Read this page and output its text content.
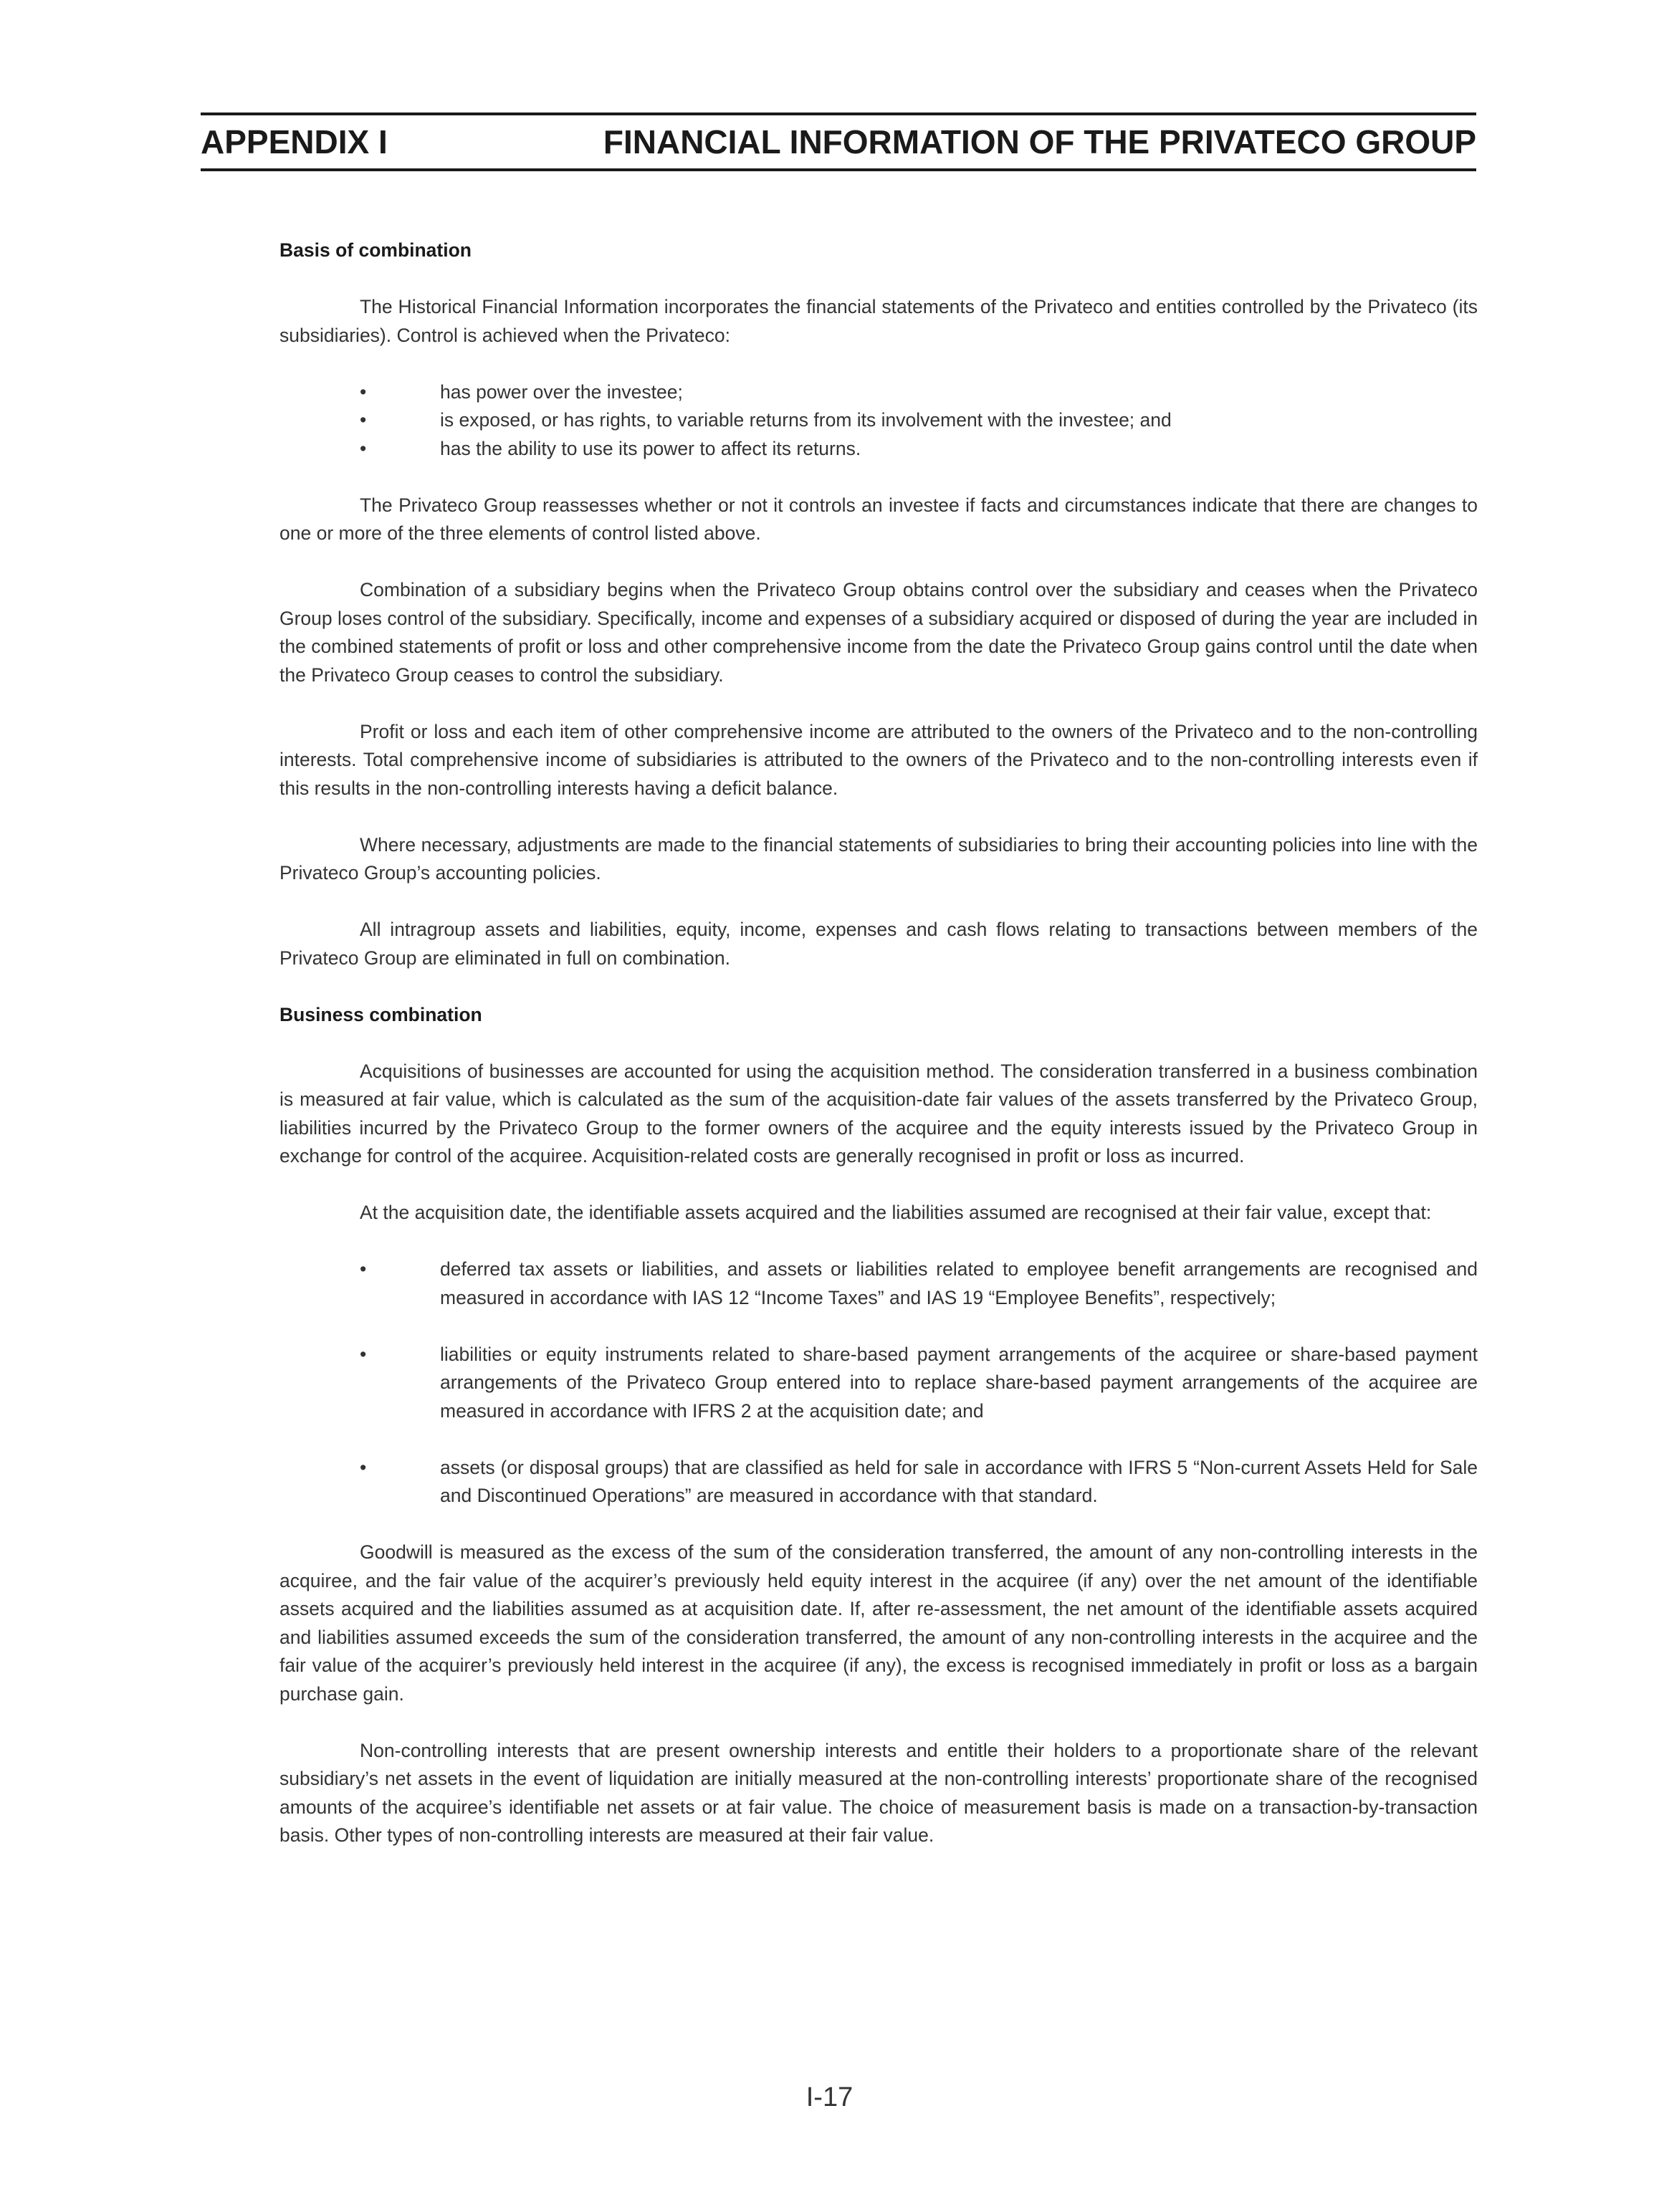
APPENDIX I	FINANCIAL INFORMATION OF THE PRIVATECO GROUP
Basis of combination

The Historical Financial Information incorporates the financial statements of the Privateco and entities controlled by the Privateco (its subsidiaries). Control is achieved when the Privateco:

•	has power over the investee;
•	is exposed, or has rights, to variable returns from its involvement with the investee; and
•	has the ability to use its power to affect its returns.

The Privateco Group reassesses whether or not it controls an investee if facts and circumstances indicate that there are changes to one or more of the three elements of control listed above.

Combination of a subsidiary begins when the Privateco Group obtains control over the subsidiary and ceases when the Privateco Group loses control of the subsidiary. Specifically, income and expenses of a subsidiary acquired or disposed of during the year are included in the combined statements of profit or loss and other comprehensive income from the date the Privateco Group gains control until the date when the Privateco Group ceases to control the subsidiary.

Profit or loss and each item of other comprehensive income are attributed to the owners of the Privateco and to the non-controlling interests. Total comprehensive income of subsidiaries is attributed to the owners of the Privateco and to the non-controlling interests even if this results in the non-controlling interests having a deficit balance.

Where necessary, adjustments are made to the financial statements of subsidiaries to bring their accounting policies into line with the Privateco Group’s accounting policies.

All intragroup assets and liabilities, equity, income, expenses and cash flows relating to transactions between members of the Privateco Group are eliminated in full on combination.

Business combination

Acquisitions of businesses are accounted for using the acquisition method. The consideration transferred in a business combination is measured at fair value, which is calculated as the sum of the acquisition-date fair values of the assets transferred by the Privateco Group, liabilities incurred by the Privateco Group to the former owners of the acquiree and the equity interests issued by the Privateco Group in exchange for control of the acquiree. Acquisition-related costs are generally recognised in profit or loss as incurred.

At the acquisition date, the identifiable assets acquired and the liabilities assumed are recognised at their fair value, except that:

•	deferred tax assets or liabilities, and assets or liabilities related to employee benefit arrangements are recognised and measured in accordance with IAS 12 “Income Taxes” and IAS 19 “Employee Benefits”, respectively;
•	liabilities or equity instruments related to share-based payment arrangements of the acquiree or share-based payment arrangements of the Privateco Group entered into to replace share-based payment arrangements of the acquiree are measured in accordance with IFRS 2 at the acquisition date; and
•	assets (or disposal groups) that are classified as held for sale in accordance with IFRS 5 “Non-current Assets Held for Sale and Discontinued Operations” are measured in accordance with that standard.

Goodwill is measured as the excess of the sum of the consideration transferred, the amount of any non-controlling interests in the acquiree, and the fair value of the acquirer’s previously held equity interest in the acquiree (if any) over the net amount of the identifiable assets acquired and the liabilities assumed as at acquisition date. If, after re-assessment, the net amount of the identifiable assets acquired and liabilities assumed exceeds the sum of the consideration transferred, the amount of any non-controlling interests in the acquiree and the fair value of the acquirer’s previously held interest in the acquiree (if any), the excess is recognised immediately in profit or loss as a bargain purchase gain.

Non-controlling interests that are present ownership interests and entitle their holders to a proportionate share of the relevant subsidiary’s net assets in the event of liquidation are initially measured at the non-controlling interests’ proportionate share of the recognised amounts of the acquiree’s identifiable net assets or at fair value. The choice of measurement basis is made on a transaction-by-transaction basis. Other types of non-controlling interests are measured at their fair value.

I-17
